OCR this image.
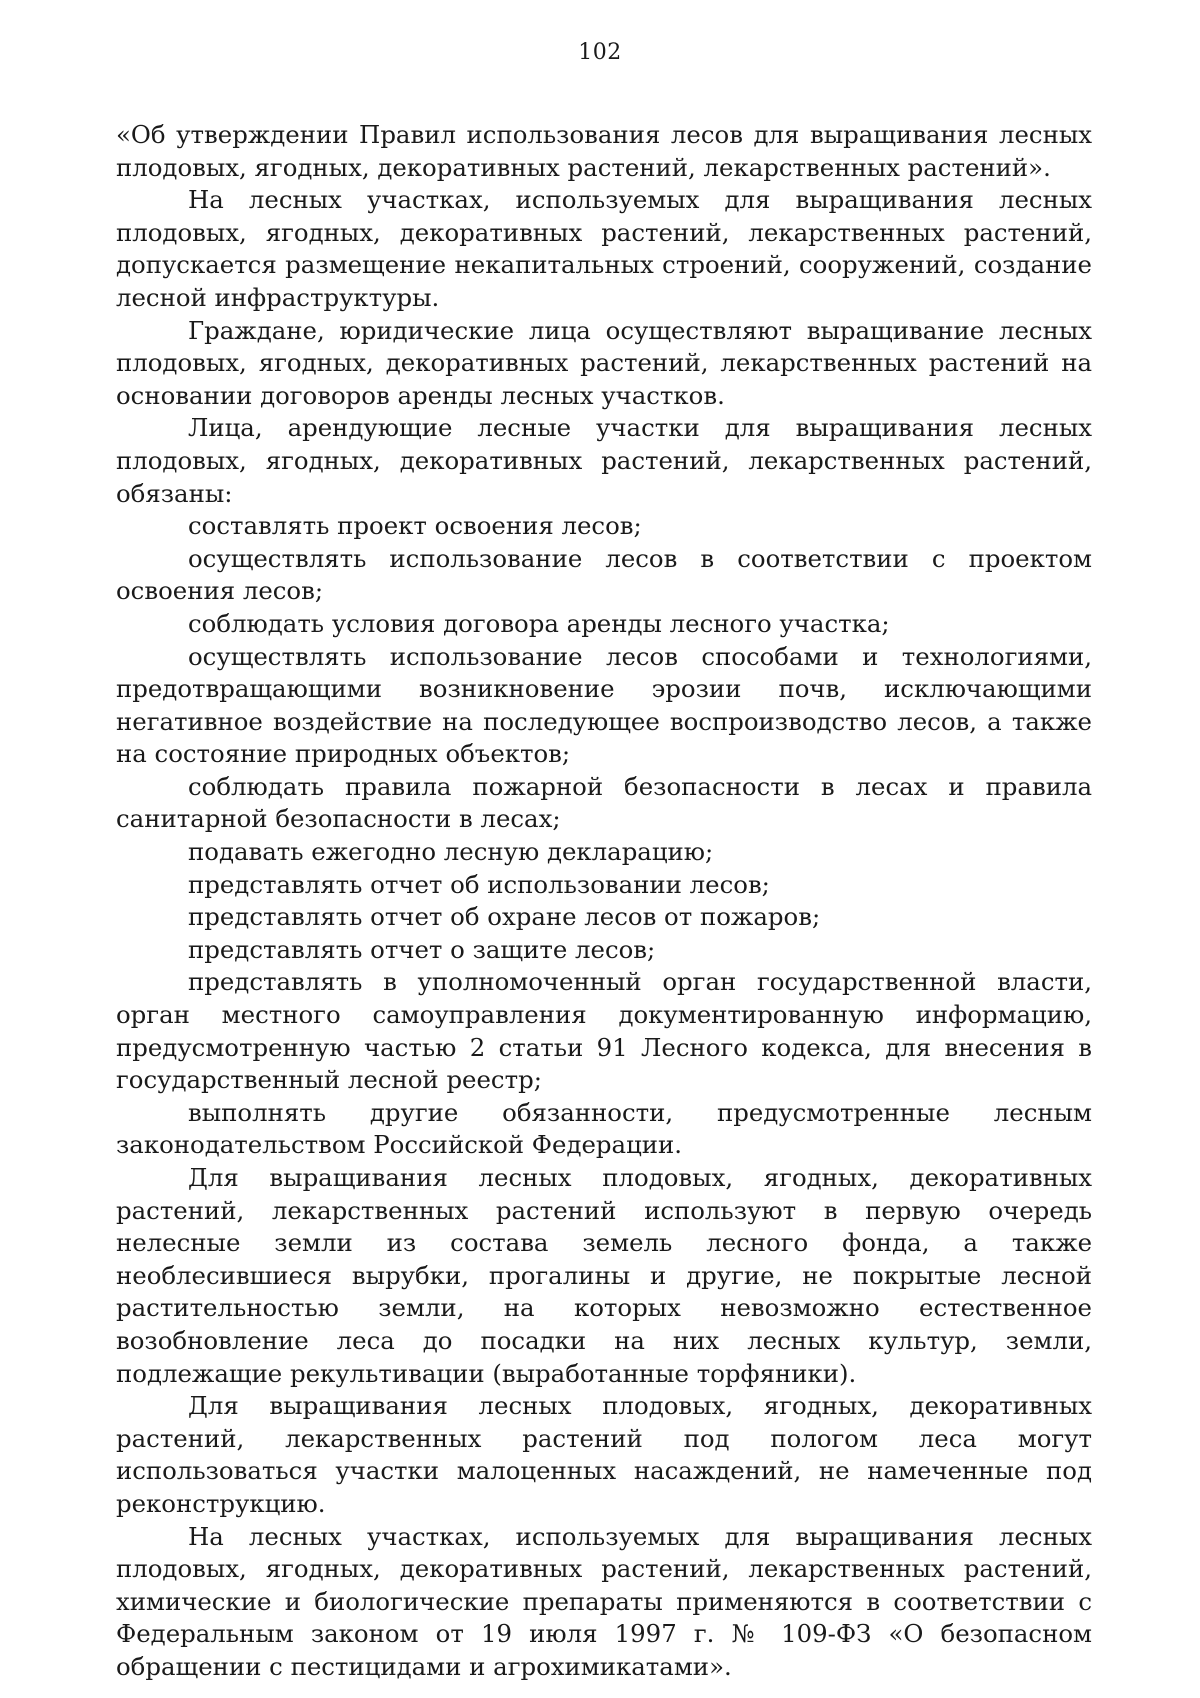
102

«Об утверждении Правил использования лесов для выращивания лесных плодовых, ягодных, декоративных растений, лекарственных растений».

На лесных участках, используемых для выращивания лесных плодовых, ягодных, декоративных растений, лекарственных растений, допускается размещение некапитальных строений, сооружений, создание лесной инфраструктуры.

Граждане, юридические лица осуществляют выращивание лесных плодовых, ягодных, декоративных растений, лекарственных растений на основании договоров аренды лесных участков.

Лица, арендующие лесные участки для выращивания лесных плодовых, ягодных, декоративных растений, лекарственных растений, обязаны:

составлять проект освоения лесов;

осуществлять использование лесов в соответствии с проектом освоения лесов;

соблюдать условия договора аренды лесного участка;

осуществлять использование лесов способами и технологиями, предотвращающими возникновение эрозии почв, исключающими негативное воздействие на последующее воспроизводство лесов, а также на состояние природных объектов;

соблюдать правила пожарной безопасности в лесах и правила санитарной безопасности в лесах;

подавать ежегодно лесную декларацию;

представлять отчет об использовании лесов;

представлять отчет об охране лесов от пожаров;

представлять отчет о защите лесов;

представлять в уполномоченный орган государственной власти, орган местного самоуправления документированную информацию, предусмотренную частью 2 статьи 91 Лесного кодекса, для внесения в государственный лесной реестр;

выполнять другие обязанности, предусмотренные лесным законодательством Российской Федерации.

Для выращивания лесных плодовых, ягодных, декоративных растений, лекарственных растений используют в первую очередь нелесные земли из состава земель лесного фонда, а также необлесившиеся вырубки, прогалины и другие, не покрытые лесной растительностью земли, на которых невозможно естественное возобновление леса до посадки на них лесных культур, земли, подлежащие рекультивации (выработанные торфяники).

Для выращивания лесных плодовых, ягодных, декоративных растений, лекарственных растений под пологом леса могут использоваться участки малоценных насаждений, не намеченные под реконструкцию.

На лесных участках, используемых для выращивания лесных плодовых, ягодных, декоративных растений, лекарственных растений, химические и биологические препараты применяются в соответствии с Федеральным законом от 19 июля 1997 г. № 109-ФЗ «О безопасном обращении с пестицидами и агрохимикатами».
